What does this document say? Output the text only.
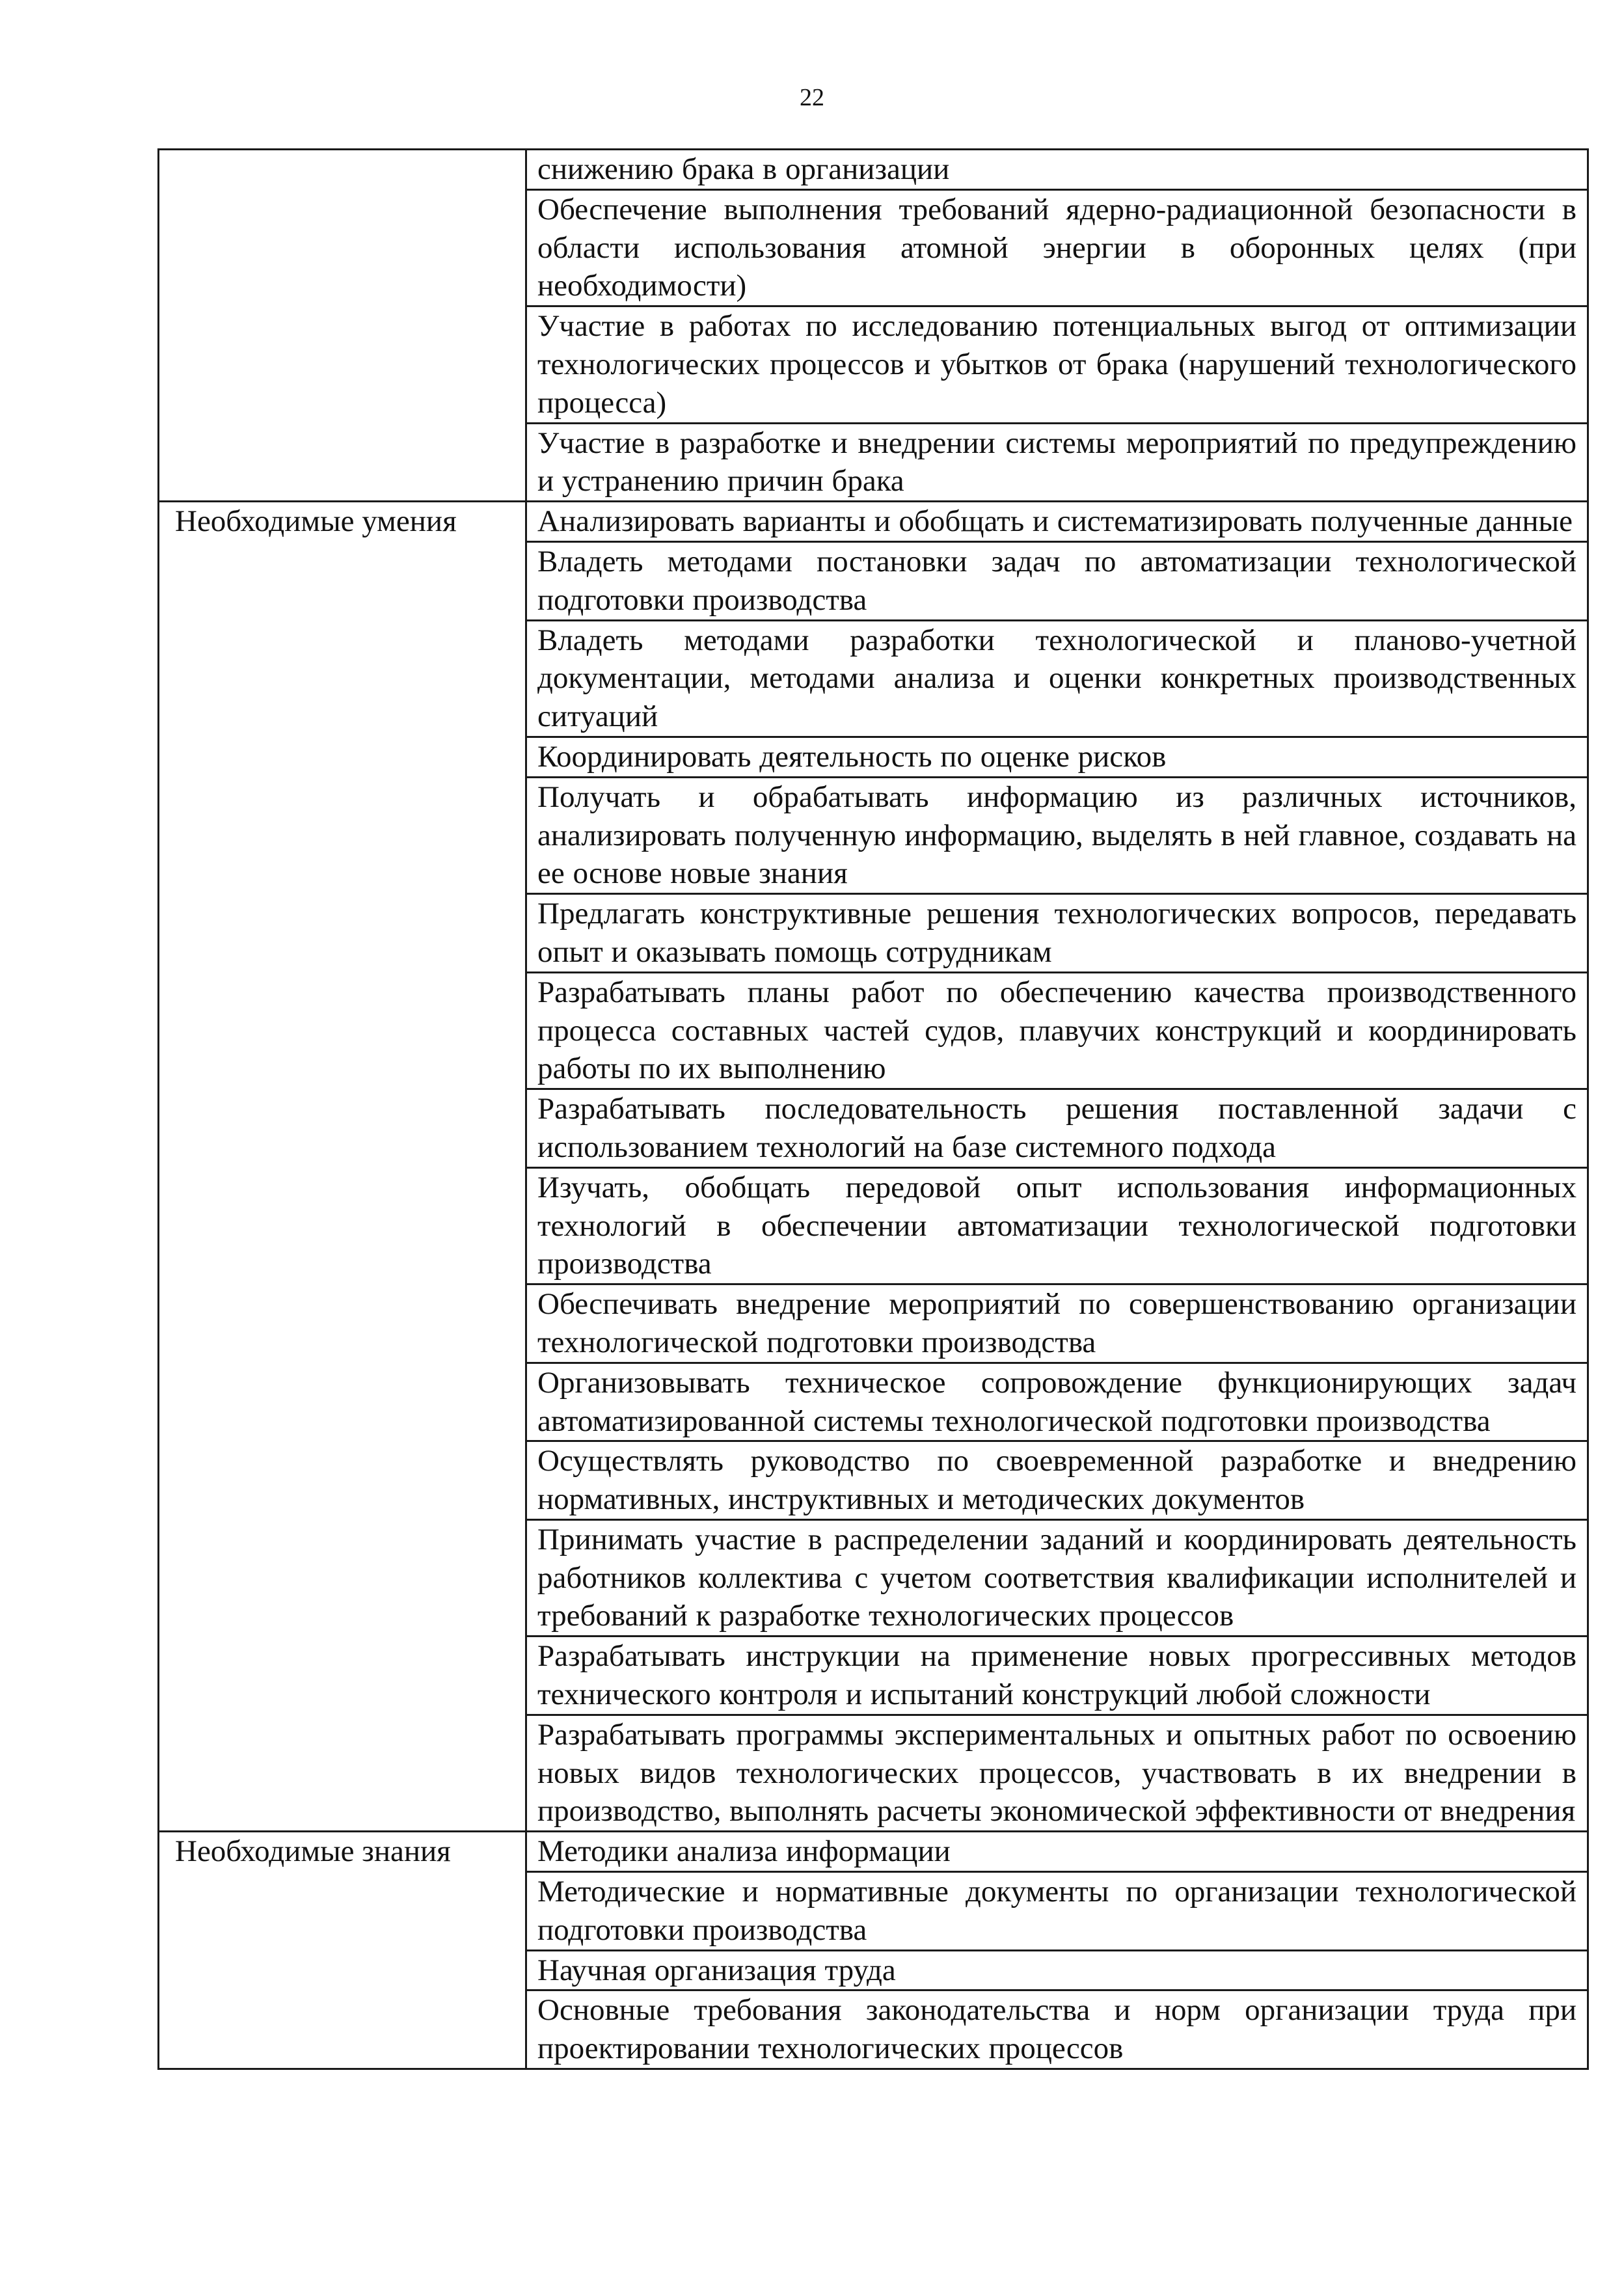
22
	снижению брака в организации
	Обеспечение выполнения требований ядерно-радиационной безопасности в области использования атомной энергии в оборонных целях (при необходимости)
	Участие в работах по исследованию потенциальных выгод от оптимизации технологических процессов и убытков от брака (нарушений технологического процесса)
	Участие в разработке и внедрении системы мероприятий по предупреждению и устранению причин брака
Необходимые умения	Анализировать варианты и обобщать и систематизировать полученные данные
	Владеть методами постановки задач по автоматизации технологической подготовки производства
	Владеть методами разработки технологической и планово-учетной документации, методами анализа и оценки конкретных производственных ситуаций
	Координировать деятельность по оценке рисков
	Получать и обрабатывать информацию из различных источников, анализировать полученную информацию, выделять в ней главное, создавать на ее основе новые знания
	Предлагать конструктивные решения технологических вопросов, передавать опыт и оказывать помощь сотрудникам
	Разрабатывать планы работ по обеспечению качества производственного процесса составных частей судов, плавучих конструкций и координировать работы по их выполнению
	Разрабатывать последовательность решения поставленной задачи с использованием технологий на базе системного подхода
	Изучать, обобщать передовой опыт использования информационных технологий в обеспечении автоматизации технологической подготовки производства
	Обеспечивать внедрение мероприятий по совершенствованию организации технологической подготовки производства
	Организовывать техническое сопровождение функционирующих задач автоматизированной системы технологической подготовки производства
	Осуществлять руководство по своевременной разработке и внедрению нормативных, инструктивных и методических документов
	Принимать участие в распределении заданий и координировать деятельность работников коллектива с учетом соответствия квалификации исполнителей и требований к разработке технологических процессов
	Разрабатывать инструкции на применение новых прогрессивных методов технического контроля и испытаний конструкций любой сложности
	Разрабатывать программы экспериментальных и опытных работ по освоению новых видов технологических процессов, участвовать в их внедрении в производство, выполнять расчеты экономической эффективности от внедрения
Необходимые знания	Методики анализа информации
	Методические и нормативные документы по организации технологической подготовки производства
	Научная организация труда
	Основные требования законодательства и норм организации труда при проектировании технологических процессов
